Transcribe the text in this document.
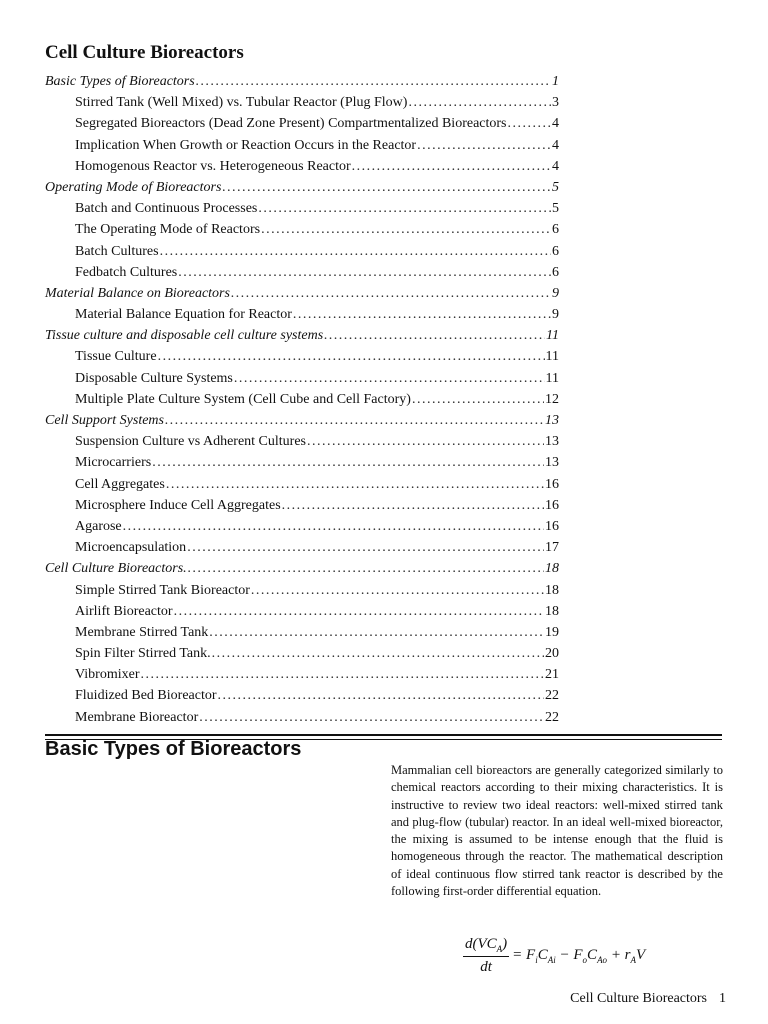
Cell Culture Bioreactors
Basic Types of Bioreactors . . .	1
Stirred Tank (Well Mixed) vs. Tubular Reactor (Plug Flow) . . .	3
Segregated Bioreactors (Dead Zone Present) Compartmentalized Bioreactors . . .	4
Implication When Growth or Reaction Occurs in the Reactor . . .	4
Homogenous Reactor vs. Heterogeneous Reactor . . .	4
Operating Mode of Bioreactors . . .	5
Batch and Continuous Processes . . .	5
The Operating Mode of Reactors . . .	6
Batch Cultures . . .	6
Fedbatch Cultures . . .	6
Material Balance on Bioreactors . . .	9
Material Balance Equation for Reactor . . .	9
Tissue culture and disposable cell culture systems . . .	11
Tissue Culture . . .	11
Disposable Culture Systems . . .	11
Multiple Plate Culture System (Cell Cube and Cell Factory) . . .	12
Cell Support Systems . . .	13
Suspension Culture vs Adherent Cultures . . .	13
Microcarriers . . .	13
Cell Aggregates . . .	16
Microsphere Induce Cell Aggregates . . .	16
Agarose . . .	16
Microencapsulation . . .	17
Cell Culture Bioreactors. . . .	18
Simple Stirred Tank Bioreactor . . .	18
Airlift Bioreactor . . .	18
Membrane Stirred Tank . . .	19
Spin Filter Stirred Tank. . . .	20
Vibromixer . . .	21
Fluidized Bed Bioreactor . . .	22
Membrane Bioreactor . . .	22
Basic Types of Bioreactors

Mammalian cell bioreactors are generally categorized similarly to chemical reactors according to their mixing characteristics. It is instructive to review two ideal reactors: well-mixed stirred tank and plug-flow (tubular) reactor. In an ideal well-mixed bioreactor, the mixing is assumed to be intense enough that the fluid is homogeneous through the reactor. The mathematical description of ideal continuous flow stirred tank reactor is described by the following first-order differential equation.

$\frac{d(VC_A)}{dt} = F_iC_{Ai} - F_oC_{Ao} + r_AV$
Cell Culture Bioreactors 1
